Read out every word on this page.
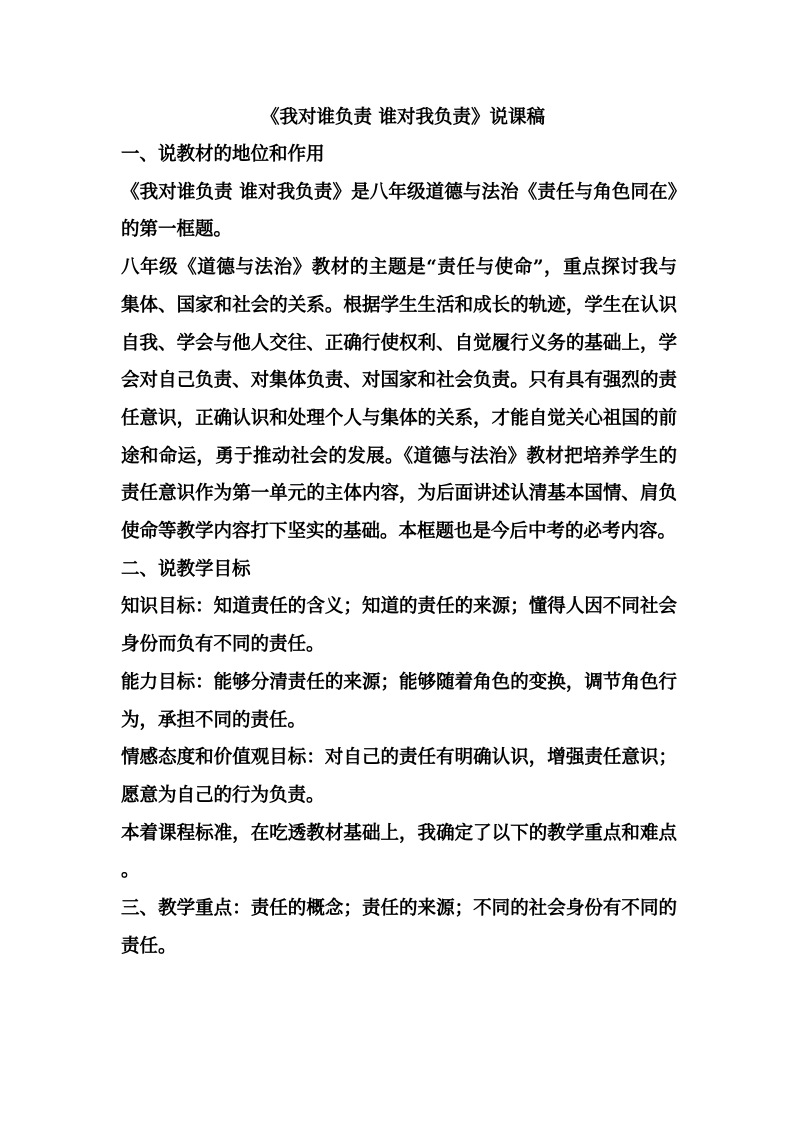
《我对谁负责 谁对我负责》说课稿

一、说教材的地位和作用

《我对谁负责 谁对我负责》是八年级道德与法治《责任与角色同在》的第一框题。

八年级《道德与法治》教材的主题是“责任与使命”，重点探讨我与集体、国家和社会的关系。根据学生生活和成长的轨迹，学生在认识自我、学会与他人交往、正确行使权利、自觉履行义务的基础上，学会对自己负责、对集体负责、对国家和社会负责。只有具有强烈的责任意识，正确认识和处理个人与集体的关系，才能自觉关心祖国的前途和命运，勇于推动社会的发展。《道德与法治》教材把培养学生的责任意识作为第一单元的主体内容，为后面讲述认清基本国情、肩负使命等教学内容打下坚实的基础。本框题也是今后中考的必考内容。

二、说教学目标

知识目标：知道责任的含义；知道的责任的来源；懂得人因不同社会身份而负有不同的责任。

能力目标：能够分清责任的来源；能够随着角色的变换，调节角色行为，承担不同的责任。

情感态度和价值观目标：对自己的责任有明确认识，增强责任意识；愿意为自己的行为负责。

本着课程标准，在吃透教材基础上，我确定了以下的教学重点和难点。

三、教学重点：责任的概念；责任的来源；不同的社会身份有不同的责任。
